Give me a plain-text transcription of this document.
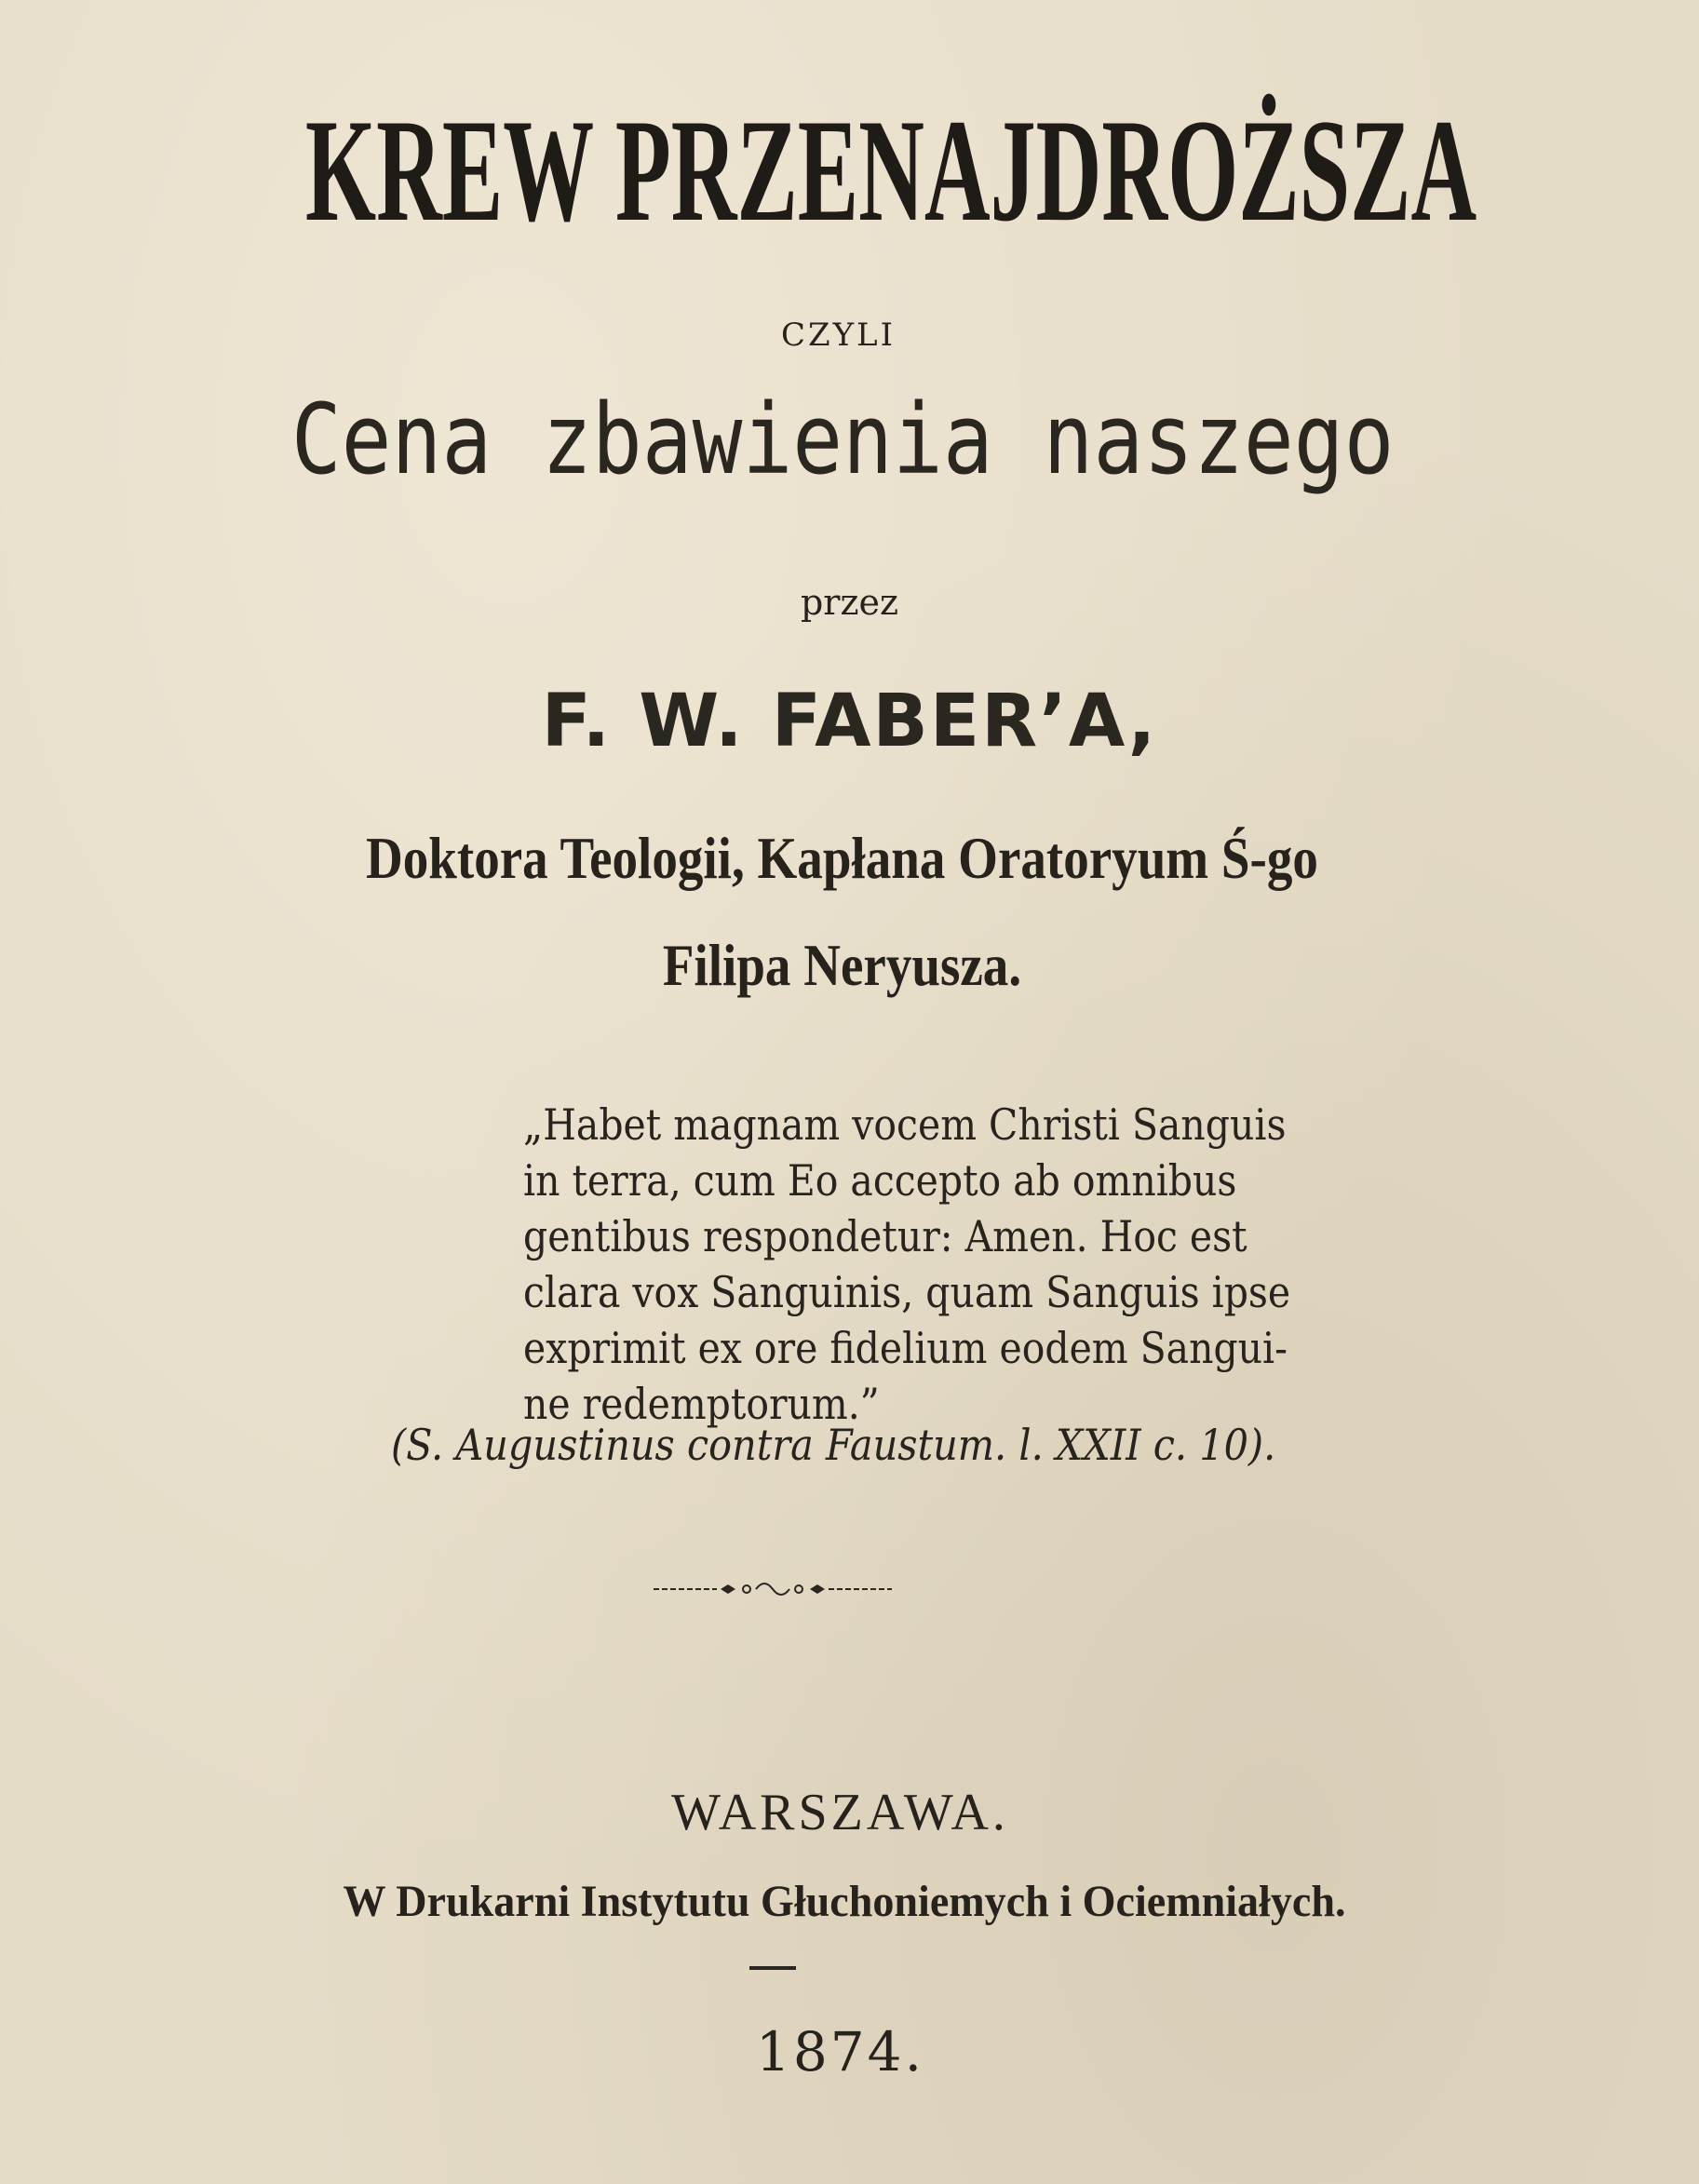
KREW PRZENAJDROŻSZA
CZYLI
Cena zbawienia naszego
przez
F. W. FABER’A,
Doktora Teologii, Kapłana Oratoryum Ś-go
Filipa Neryusza.

„Habet magnam vocem Christi Sanguis

in terra, cum Eo accepto ab omnibus

gentibus respondetur: Amen. Hoc est

clara vox Sanguinis, quam Sanguis ipse

exprimit ex ore fidelium eodem Sangui-

ne redemptorum.”

(S. Augustinus contra Faustum. l. XXII c. 10).
WARSZAWA.
W Drukarni Instytutu Głuchoniemych i Ociemniałych.
1874.
